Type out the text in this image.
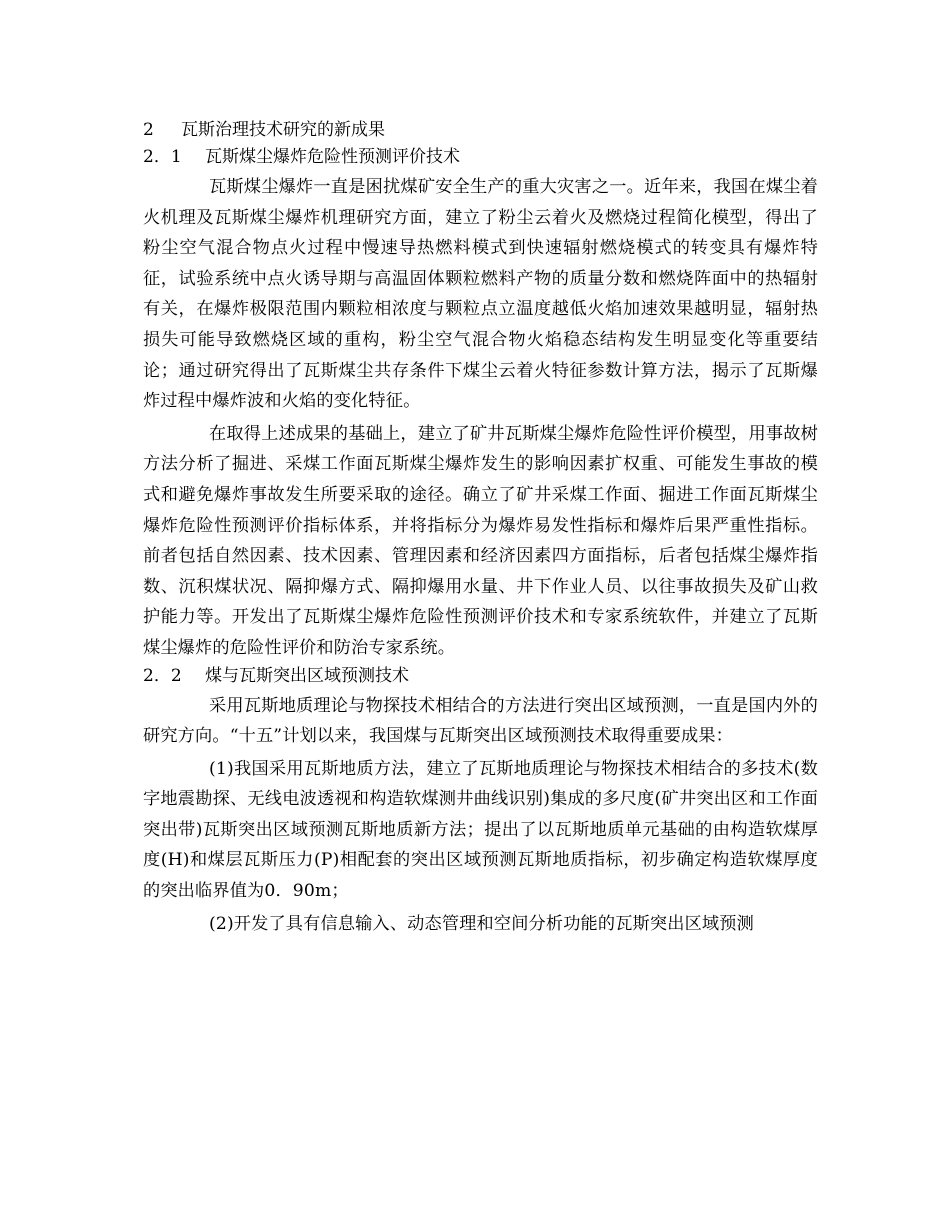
2 瓦斯治理技术研究的新成果
2．1 瓦斯煤尘爆炸危险性预测评价技术

瓦斯煤尘爆炸一直是困扰煤矿安全生产的重大灾害之一。近年来，我国在煤尘着火机理及瓦斯煤尘爆炸机理研究方面，建立了粉尘云着火及燃烧过程简化模型，得出了粉尘空气混合物点火过程中慢速导热燃料模式到快速辐射燃烧模式的转变具有爆炸特征，试验系统中点火诱导期与高温固体颗粒燃料产物的质量分数和燃烧阵面中的热辐射有关，在爆炸极限范围内颗粒相浓度与颗粒点立温度越低火焰加速效果越明显，辐射热损失可能导致燃烧区域的重构，粉尘空气混合物火焰稳态结构发生明显变化等重要结论；通过研究得出了瓦斯煤尘共存条件下煤尘云着火特征参数计算方法，揭示了瓦斯爆炸过程中爆炸波和火焰的变化特征。

在取得上述成果的基础上，建立了矿井瓦斯煤尘爆炸危险性评价模型，用事故树方法分析了掘进、采煤工作面瓦斯煤尘爆炸发生的影响因素扩权重、可能发生事故的模式和避免爆炸事故发生所要采取的途径。确立了矿井采煤工作面、掘进工作面瓦斯煤尘爆炸危险性预测评价指标体系，并将指标分为爆炸易发性指标和爆炸后果严重性指标。前者包括自然因素、技术因素、管理因素和经济因素四方面指标，后者包括煤尘爆炸指数、沉积煤状况、隔抑爆方式、隔抑爆用水量、井下作业人员、以往事故损失及矿山救护能力等。开发出了瓦斯煤尘爆炸危险性预测评价技术和专家系统软件，并建立了瓦斯煤尘爆炸的危险性评价和防治专家系统。

2．2 煤与瓦斯突出区域预测技术

采用瓦斯地质理论与物探技术相结合的方法进行突出区域预测，一直是国内外的研究方向。“十五”计划以来，我国煤与瓦斯突出区域预测技术取得重要成果：

(1)我国采用瓦斯地质方法，建立了瓦斯地质理论与物探技术相结合的多技术(数字地震勘探、无线电波透视和构造软煤测井曲线识别)集成的多尺度(矿井突出区和工作面突出带)瓦斯突出区域预测瓦斯地质新方法；提出了以瓦斯地质单元基础的由构造软煤厚度(H)和煤层瓦斯压力(P)相配套的突出区域预测瓦斯地质指标，初步确定构造软煤厚度的突出临界值为0．90m；

(2)开发了具有信息输入、动态管理和空间分析功能的瓦斯突出区域预测
